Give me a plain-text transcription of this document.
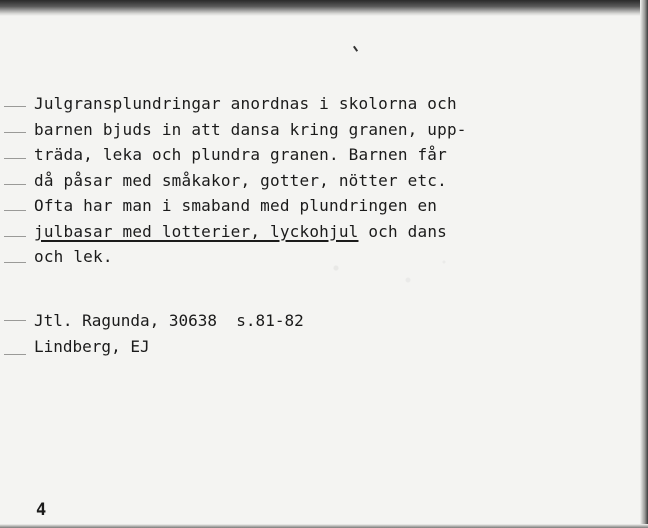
Julgransplundringar anordnas i skolorna och
barnen bjuds in att dansa kring granen, upp-
träda, leka och plundra granen. Barnen får
då påsar med småkakor, gotter, nötter etc.
Ofta har man i smaband med plundringen en
julbasar med lotterier, lyckohjul och dans
och lek.
Jtl. Ragunda, 30638  s.81-82
Lindberg, EJ
4
